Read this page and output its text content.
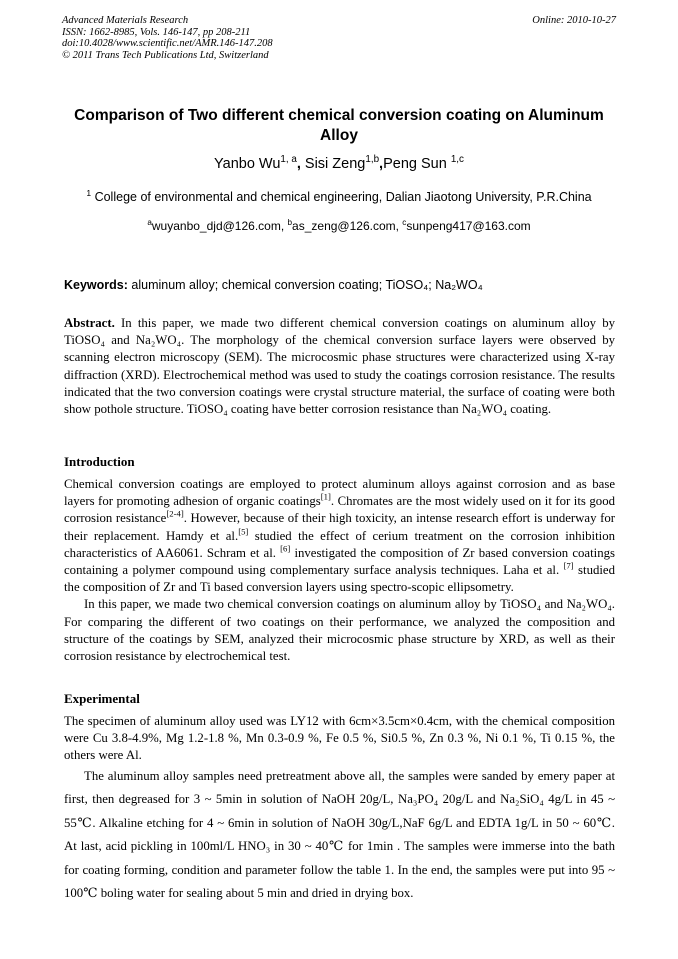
Advanced Materials Research
ISSN: 1662-8985, Vols. 146-147, pp 208-211
doi:10.4028/www.scientific.net/AMR.146-147.208
© 2011 Trans Tech Publications Ltd, Switzerland
Online: 2010-10-27
Comparison of Two different chemical conversion coating on Aluminum Alloy
Yanbo Wu$^{1, a}$, Sisi Zeng$^{1,b}$,Peng Sun $^{1,c}$
$^1$ College of environmental and chemical engineering, Dalian Jiaotong University, P.R.China
$^a$wuyanbo_djd@126.com, $^b$as_zeng@126.com, $^c$sunpeng417@163.com
Keywords: aluminum alloy; chemical conversion coating; TiOSO₄; Na₂WO₄
Abstract. In this paper, we made two different chemical conversion coatings on aluminum alloy by TiOSO₄ and Na₂WO₄. The morphology of the chemical conversion surface layers were observed by scanning electron microscopy (SEM). The microcosmic phase structures were characterized using X-ray diffraction (XRD). Electrochemical method was used to study the coatings corrosion resistance. The results indicated that the two conversion coatings were crystal structure material, the surface of coating were both show pothole structure. TiOSO₄ coating have better corrosion resistance than Na₂WO₄ coating.
Introduction
Chemical conversion coatings are employed to protect aluminum alloys against corrosion and as base layers for promoting adhesion of organic coatings[1]. Chromates are the most widely used on it for its good corrosion resistance[2-4]. However, because of their high toxicity, an intense research effort is underway for their replacement. Hamdy et al.[5] studied the effect of cerium treatment on the corrosion inhibition characteristics of AA6061. Schram et al. [6] investigated the composition of Zr based conversion coatings containing a polymer compound using complementary surface analysis techniques. Laha et al. [7] studied the composition of Zr and Ti based conversion layers using spectro-scopic ellipsometry.
In this paper, we made two chemical conversion coatings on aluminum alloy by TiOSO₄ and Na₂WO₄. For comparing the different of two coatings on their performance, we analyzed the composition and structure of the coatings by SEM, analyzed their microcosmic phase structure by XRD, as well as their corrosion resistance by electrochemical test.
Experimental
The specimen of aluminum alloy used was LY12 with 6cm×3.5cm×0.4cm, with the chemical composition were Cu 3.8-4.9%, Mg 1.2-1.8 %, Mn 0.3-0.9 %, Fe 0.5 %, Si0.5 %, Zn 0.3 %, Ni 0.1 %, Ti 0.15 %, the others were Al.
The aluminum alloy samples need pretreatment above all, the samples were sanded by emery paper at first, then degreased for 3 ~ 5min in solution of NaOH 20g/L, Na₃PO₄ 20g/L and Na₂SiO₄ 4g/L in 45 ~ 55℃. Alkaline etching for 4 ~ 6min in solution of NaOH 30g/L,NaF 6g/L and EDTA 1g/L in 50 ~ 60℃. At last, acid pickling in 100ml/L HNO₃ in 30 ~ 40℃ for 1min . The samples were immerse into the bath for coating forming, condition and parameter follow the table 1. In the end, the samples were put into 95 ~ 100℃ boling water for sealing about 5 min and dried in drying box.
